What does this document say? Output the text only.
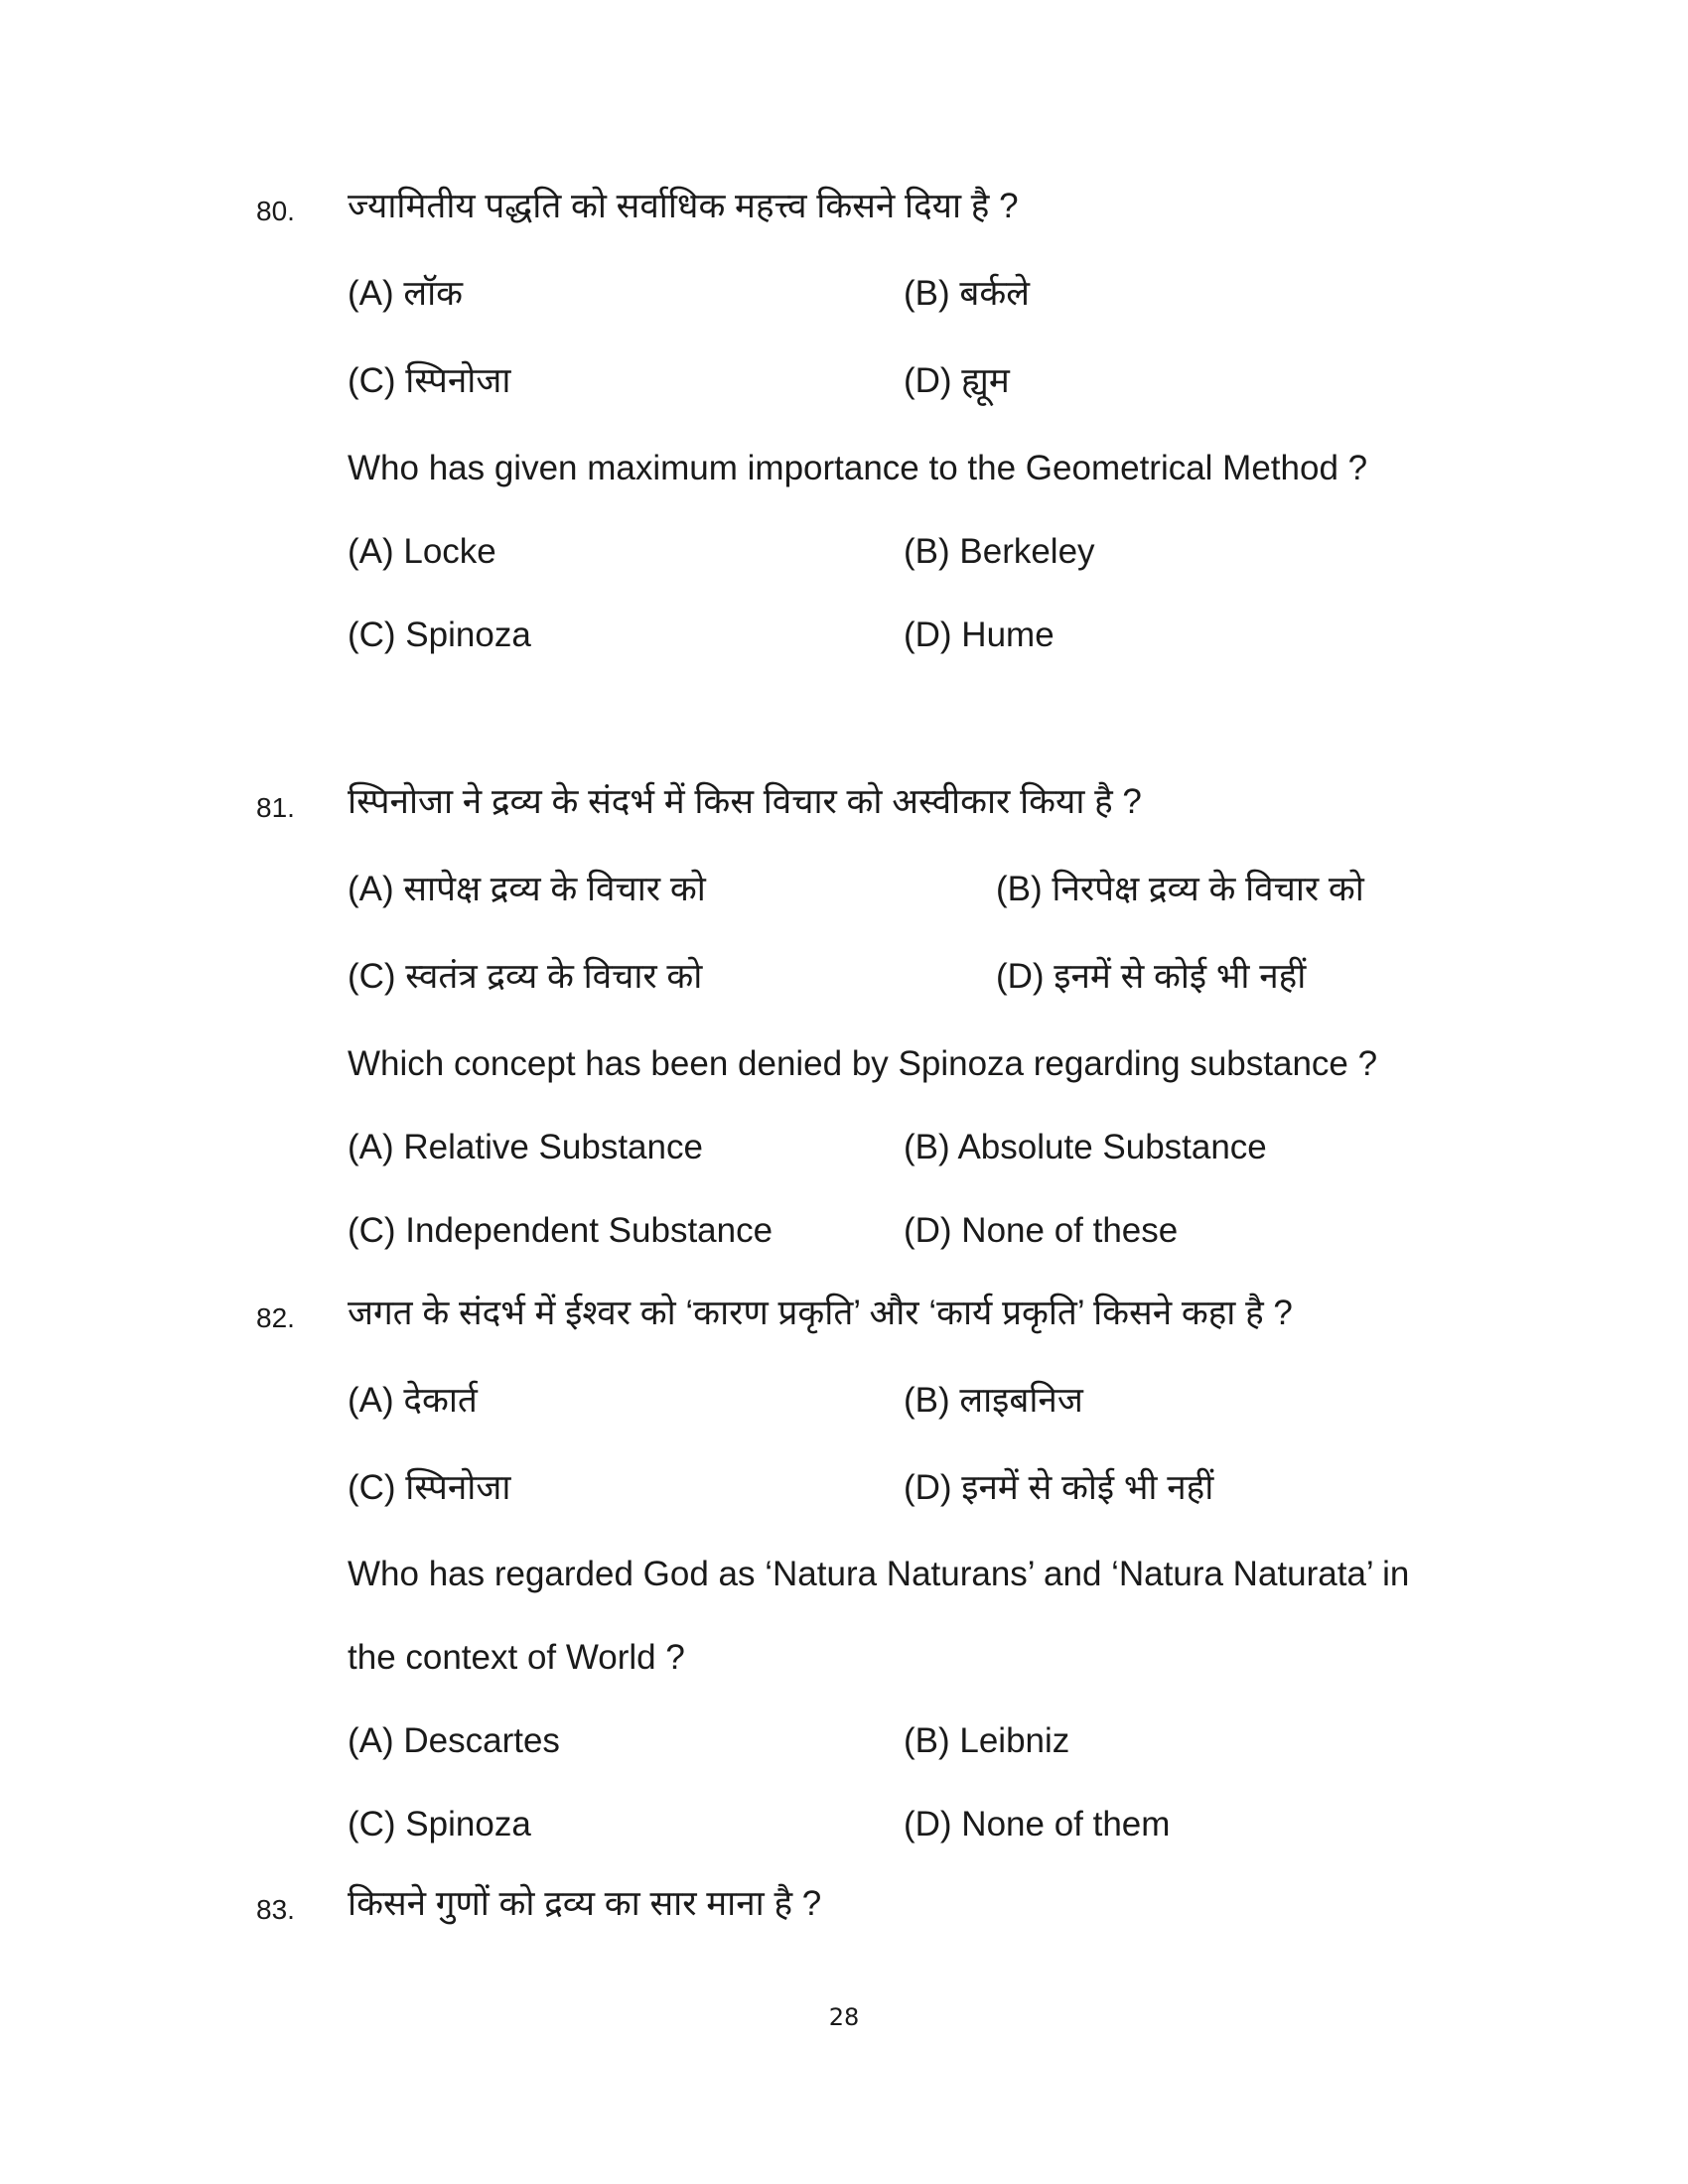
80. ज्यामितीय पद्धति को सर्वाधिक महत्त्व किसने दिया है ?
(A) लॉक	(B) बर्कले
(C) स्पिनोजा	(D) ह्यूम
Who has given maximum importance to the Geometrical Method ?
(A) Locke	(B) Berkeley
(C) Spinoza	(D) Hume
81. स्पिनोजा ने द्रव्य के संदर्भ में किस विचार को अस्वीकार किया है ?
(A) सापेक्ष द्रव्य के विचार को	(B) निरपेक्ष द्रव्य के विचार को
(C) स्वतंत्र द्रव्य के विचार को	(D) इनमें से कोई भी नहीं
Which concept has been denied by Spinoza regarding substance ?
(A) Relative Substance	(B) Absolute Substance
(C) Independent Substance	(D) None of these
82. जगत के संदर्भ में ईश्वर को ‘कारण प्रकृति’ और ‘कार्य प्रकृति’ किसने कहा है ?
(A) देकार्त	(B) लाइबनिज
(C) स्पिनोजा	(D) इनमें से कोई भी नहीं
Who has regarded God as ‘Natura Naturans’ and ‘Natura Naturata’ in
the context of World ?
(A) Descartes	(B) Leibniz
(C) Spinoza	(D) None of them
83. किसने गुणों को द्रव्य का सार माना है ?
28
